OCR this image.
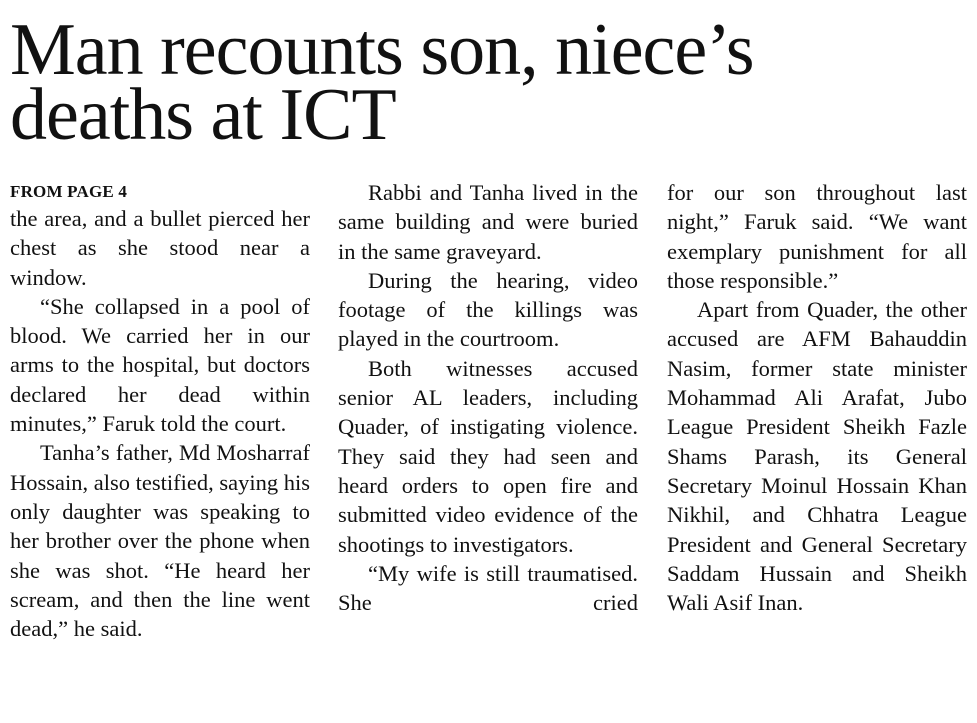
Man recounts son, niece’s
deaths at ICT
FROM PAGE 4

the area, and a bullet pierced her chest as she stood near a window.

“She collapsed in a pool of blood. We carried her in our arms to the hospital, but doctors declared her dead within minutes,” Faruk told the court.

Tanha’s father, Md Mosharraf Hossain, also testified, saying his only daughter was speaking to her brother over the phone when she was shot. “He heard her scream, and then the line went dead,” he said.

Rabbi and Tanha lived in the same building and were buried in the same graveyard.

During the hearing, video footage of the killings was played in the courtroom.

Both witnesses accused senior AL leaders, including Quader, of instigating violence. They said they had seen and heard orders to open fire and submitted video evidence of the shootings to investigators.

“My wife is still traumatised. She cried

for our son throughout last night,” Faruk said. “We want exemplary punishment for all those responsible.”

Apart from Quader, the other accused are AFM Bahauddin Nasim, former state minister Mohammad Ali Arafat, Jubo League President Sheikh Fazle Shams Parash, its General Secretary Moinul Hossain Khan Nikhil, and Chhatra League President and General Secretary Saddam Hussain and Sheikh Wali Asif Inan.
